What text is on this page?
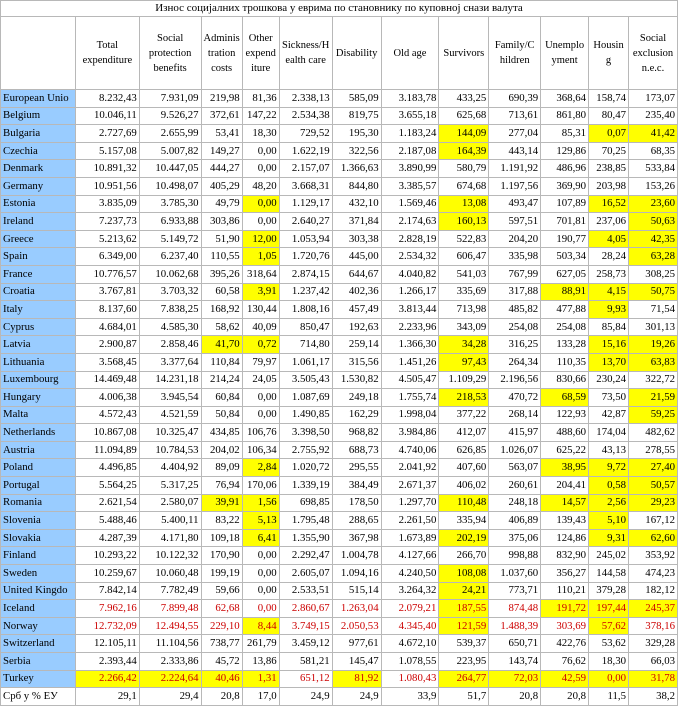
Износ социјалних трошкова у еврима по становнику по куповној снази валута												
	Total expenditure	Social protection benefits	Adminis tration costs	Other expend iture	Sickness/H ealth care	Disability	Old age	Survivors	Family/C hildren	Unemplo yment	Housin g	Social exclusion n.e.c.
European Unio	8.232,43	7.931,09	219,98	81,36	2.338,13	585,09	3.183,78	433,25	690,39	368,64	158,74	173,07
Belgium	10.046,11	9.526,27	372,61	147,22	2.534,38	819,75	3.655,18	625,68	713,61	861,80	80,47	235,40
Bulgaria	2.727,69	2.655,99	53,41	18,30	729,52	195,30	1.183,24	144,09	277,04	85,31	0,07	41,42
Czechia	5.157,08	5.007,82	149,27	0,00	1.622,19	322,56	2.187,08	164,39	443,14	129,86	70,25	68,35
Denmark	10.891,32	10.447,05	444,27	0,00	2.157,07	1.366,63	3.890,99	580,79	1.191,92	486,96	238,85	533,84
Germany	10.951,56	10.498,07	405,29	48,20	3.668,31	844,80	3.385,57	674,68	1.197,56	369,90	203,98	153,26
Estonia	3.835,09	3.785,30	49,79	0,00	1.129,17	432,10	1.569,46	13,08	493,47	107,89	16,52	23,60
Ireland	7.237,73	6.933,88	303,86	0,00	2.640,27	371,84	2.174,63	160,13	597,51	701,81	237,06	50,63
Greece	5.213,62	5.149,72	51,90	12,00	1.053,94	303,38	2.828,19	522,83	204,20	190,77	4,05	42,35
Spain	6.349,00	6.237,40	110,55	1,05	1.720,76	445,00	2.534,32	606,47	335,98	503,34	28,24	63,28
France	10.776,57	10.062,68	395,26	318,64	2.874,15	644,67	4.040,82	541,03	767,99	627,05	258,73	308,25
Croatia	3.767,81	3.703,32	60,58	3,91	1.237,42	402,36	1.266,17	335,69	317,88	88,91	4,15	50,75
Italy	8.137,60	7.838,25	168,92	130,44	1.808,16	457,49	3.813,44	713,98	485,82	477,88	9,93	71,54
Cyprus	4.684,01	4.585,30	58,62	40,09	850,47	192,63	2.233,96	343,09	254,08	254,08	85,84	301,13
Latvia	2.900,87	2.858,46	41,70	0,72	714,80	259,14	1.366,30	34,28	316,25	133,28	15,16	19,26
Lithuania	3.568,45	3.377,64	110,84	79,97	1.061,17	315,56	1.451,26	97,43	264,34	110,35	13,70	63,83
Luxembourg	14.469,48	14.231,18	214,24	24,05	3.505,43	1.530,82	4.505,47	1.109,29	2.196,56	830,66	230,24	322,72
Hungary	4.006,38	3.945,54	60,84	0,00	1.087,69	249,18	1.755,74	218,53	470,72	68,59	73,50	21,59
Malta	4.572,43	4.521,59	50,84	0,00	1.490,85	162,29	1.998,04	377,22	268,14	122,93	42,87	59,25
Netherlands	10.867,08	10.325,47	434,85	106,76	3.398,50	968,82	3.984,86	412,07	415,97	488,60	174,04	482,62
Austria	11.094,89	10.784,53	204,02	106,34	2.755,92	688,73	4.740,06	626,85	1.026,07	625,22	43,13	278,55
Poland	4.496,85	4.404,92	89,09	2,84	1.020,72	295,55	2.041,92	407,60	563,07	38,95	9,72	27,40
Portugal	5.564,25	5.317,25	76,94	170,06	1.339,19	384,49	2.671,37	406,02	260,61	204,41	0,58	50,57
Romania	2.621,54	2.580,07	39,91	1,56	698,85	178,50	1.297,70	110,48	248,18	14,57	2,56	29,23
Slovenia	5.488,46	5.400,11	83,22	5,13	1.795,48	288,65	2.261,50	335,94	406,89	139,43	5,10	167,12
Slovakia	4.287,39	4.171,80	109,18	6,41	1.355,90	367,98	1.673,89	202,19	375,06	124,86	9,31	62,60
Finland	10.293,22	10.122,32	170,90	0,00	2.292,47	1.004,78	4.127,66	266,70	998,88	832,90	245,02	353,92
Sweden	10.259,67	10.060,48	199,19	0,00	2.605,07	1.094,16	4.240,50	108,08	1.037,60	356,27	144,58	474,23
United Kingdo	7.842,14	7.782,49	59,66	0,00	2.533,51	515,14	3.264,32	24,21	773,71	110,21	379,28	182,12
Iceland	7.962,16	7.899,48	62,68	0,00	2.860,67	1.263,04	2.079,21	187,55	874,48	191,72	197,44	245,37
Norway	12.732,09	12.494,55	229,10	8,44	3.749,15	2.050,53	4.345,40	121,59	1.488,39	303,69	57,62	378,16
Switzerland	12.105,11	11.104,56	738,77	261,79	3.459,12	977,61	4.672,10	539,37	650,71	422,76	53,62	329,28
Serbia	2.393,44	2.333,86	45,72	13,86	581,21	145,47	1.078,55	223,95	143,74	76,62	18,30	66,03
Turkey	2.266,42	2.224,64	40,46	1,31	651,12	81,92	1.080,43	264,77	72,03	42,59	0,00	31,78
Срб у % ЕУ	29,1	29,4	20,8	17,0	24,9	24,9	33,9	51,7	20,8	20,8	11,5	38,2
